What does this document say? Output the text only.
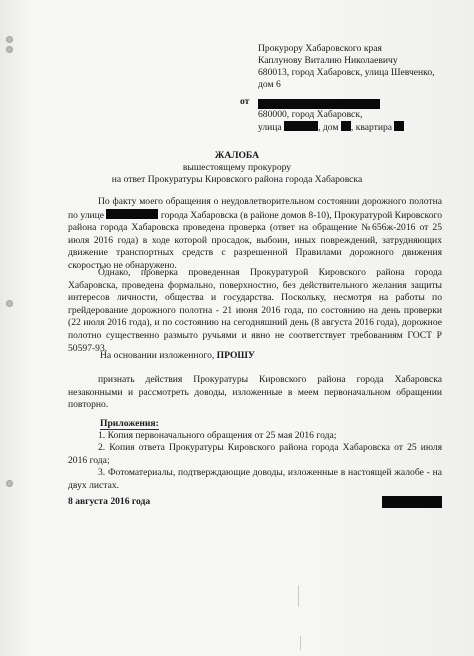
Прокурору Хабаровского края
Каплунову Виталию Николаевичу
680013, город Хабаровск, улица Шевченко,
дом 6
от
680000, город Хабаровск,
улица	, дом , квартира
ЖАЛОБА
вышестоящему прокурору
на ответ Прокуратуры Кировского района города Хабаровска
По факту моего обращения о неудовлетворительном состоянии дорожного полотна по улице	города Хабаровска (в районе домов 8-10), Прокуратурой Кировского района города Хабаровска проведена проверка (ответ на обращение №656ж-2016 от 25 июля 2016 года) в ходе которой просадок, выбоин, иных повреждений, затрудняющих движение транспортных средств с разрешенной Правилами дорожного движения скоростью не обнаружено.
Однако, проверка проведенная Прокуратурой Кировского района города Хабаровска, проведена формально, поверхностно, без действительного желания защиты интересов личности, общества и государства. Поскольку, несмотря на работы по грейдерование дорожного полотна - 21 июня 2016 года, по состоянию на день проверки (22 июля 2016 года), и по состоянию на сегодняшний день (8 августа 2016 года), дорожное полотно существенно размыто ручьями и явно не соответствует требованиям ГОСТ Р 50597-93.
На основании изложенного, ПРОШУ
признать действия Прокуратуры Кировского района города Хабаровска незаконными и рассмотреть доводы, изложенные в меем первоначальном обращении повторно.
Приложения:
1. Копия первоначального обращения от 25 мая 2016 года;
2. Копия ответа Прокуратуры Кировского района города Хабаровска от 25 июля 2016 года;
3. Фотоматериалы, подтверждающие доводы, изложенные в настоящей жалобе - на двух листах.
8 августа 2016 года
